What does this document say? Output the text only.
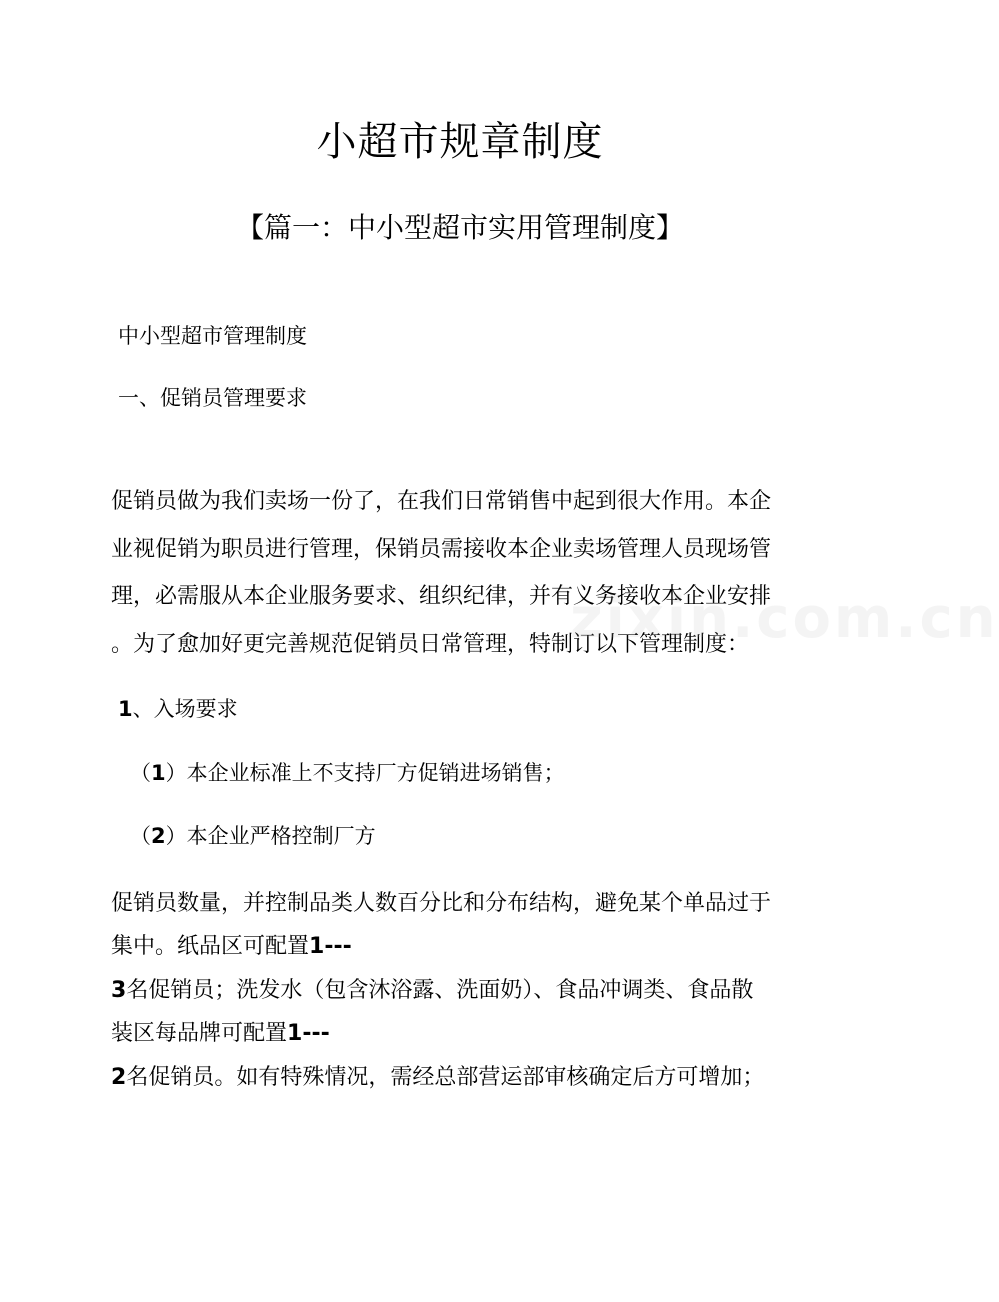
小超市规章制度
【篇一：中小型超市实用管理制度】

中小型超市管理制度

一、促销员管理要求

促销员做为我们卖场一份了，在我们日常销售中起到很大作用。本企
业视促销为职员进行管理，保销员需接收本企业卖场管理人员现场管
理，必需服从本企业服务要求、组织纪律，并有义务接收本企业安排
。为了愈加好更完善规范促销员日常管理，特制订以下管理制度：

1、入场要求

（1）本企业标准上不支持厂方促销进场销售；

（2）本企业严格控制厂方

促销员数量，并控制品类人数百分比和分布结构，避免某个单品过于
集中。纸品区可配置1---
3名促销员；洗发水（包含沐浴露、洗面奶）、食品冲调类、食品散
装区每品牌可配置1---
2名促销员。如有特殊情况，需经总部营运部审核确定后方可增加；
zixin.com.cn
